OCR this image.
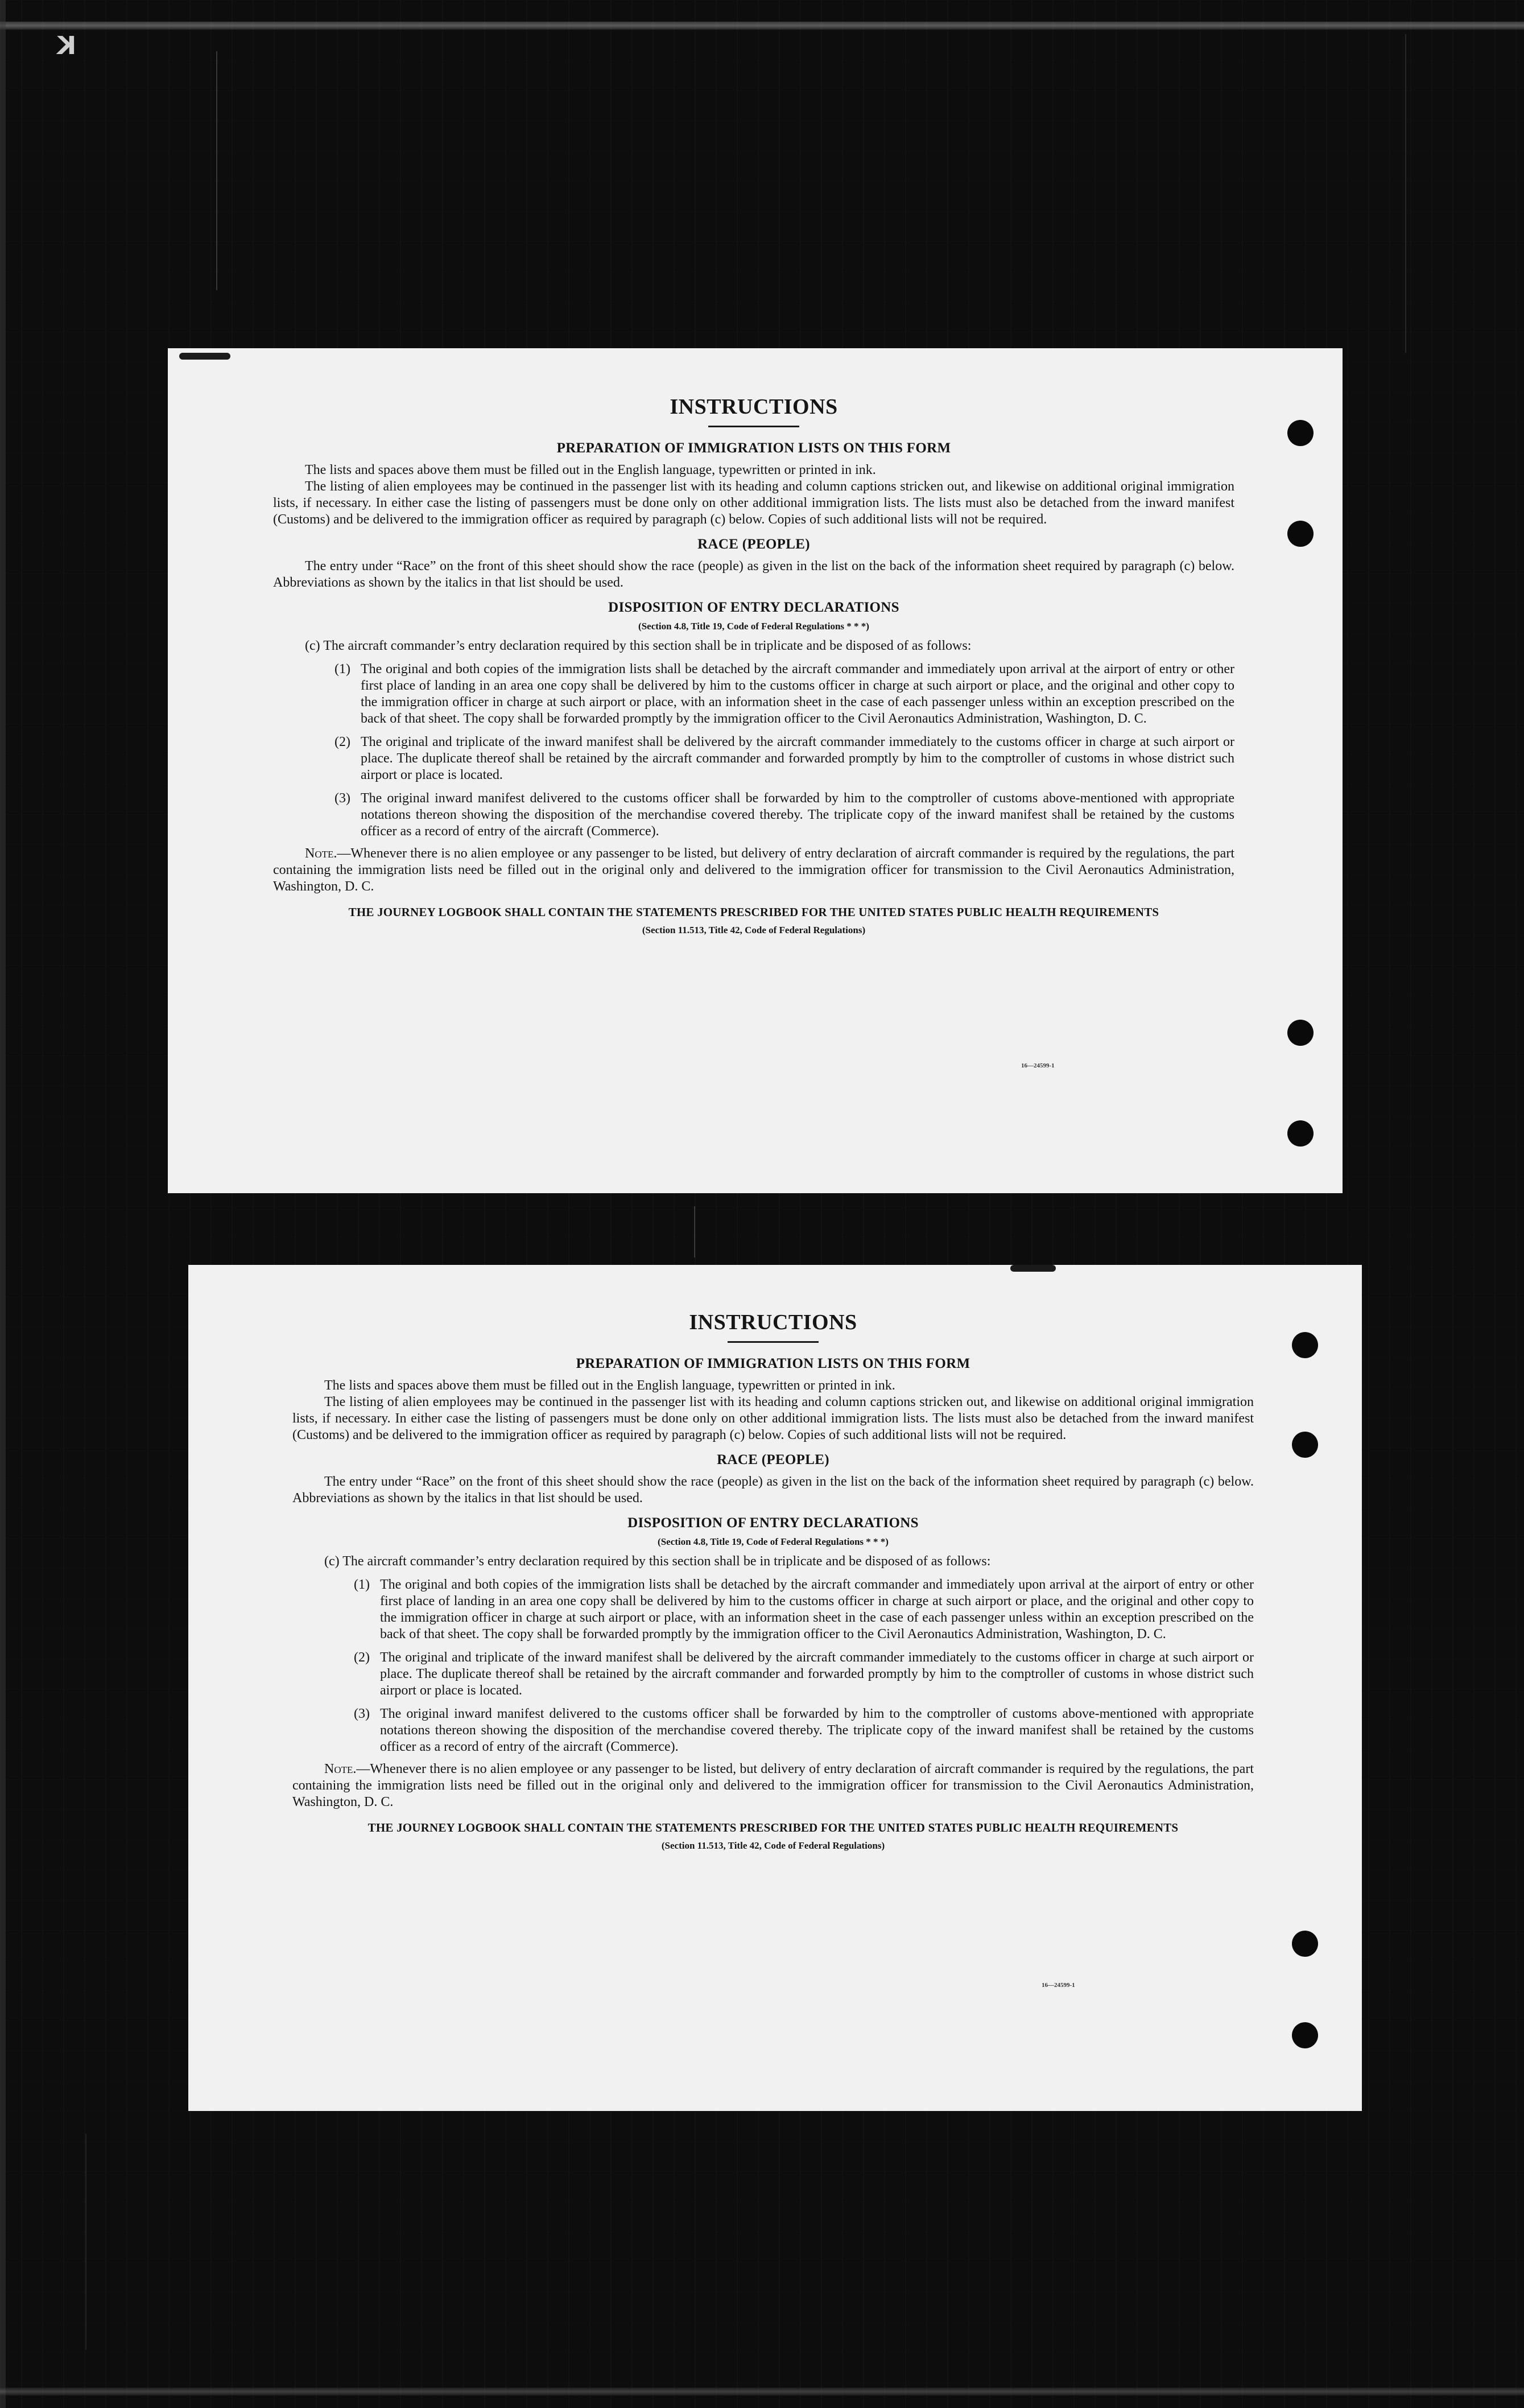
K
INSTRUCTIONS
PREPARATION OF IMMIGRATION LISTS ON THIS FORM

The lists and spaces above them must be filled out in the English language, typewritten or printed in ink.

The listing of alien employees may be continued in the passenger list with its heading and column captions stricken out, and likewise on additional original immigration lists, if necessary. In either case the listing of passengers must be done only on other additional immigration lists. The lists must also be detached from the inward manifest (Customs) and be delivered to the immigration officer as required by paragraph (c) below. Copies of such additional lists will not be required.

RACE (PEOPLE)

The entry under “Race” on the front of this sheet should show the race (people) as given in the list on the back of the information sheet required by paragraph (c) below. Abbreviations as shown by the italics in that list should be used.

DISPOSITION OF ENTRY DECLARATIONS
(Section 4.8, Title 19, Code of Federal Regulations * * *)

(c) The aircraft commander’s entry declaration required by this section shall be in triplicate and be disposed of as follows:

(1) The original and both copies of the immigration lists shall be detached by the aircraft commander and immediately upon arrival at the airport of entry or other first place of landing in an area one copy shall be delivered by him to the customs officer in charge at such airport or place, and the original and other copy to the immigration officer in charge at such airport or place, with an information sheet in the case of each passenger unless within an exception prescribed on the back of that sheet. The copy shall be forwarded promptly by the immigration officer to the Civil Aeronautics Administration, Washington, D. C.
(2) The original and triplicate of the inward manifest shall be delivered by the aircraft commander immediately to the customs officer in charge at such airport or place. The duplicate thereof shall be retained by the aircraft commander and forwarded promptly by him to the comptroller of customs in whose district such airport or place is located.
(3) The original inward manifest delivered to the customs officer shall be forwarded by him to the comptroller of customs above-mentioned with appropriate notations thereon showing the disposition of the merchandise covered thereby. The triplicate copy of the inward manifest shall be retained by the customs officer as a record of entry of the aircraft (Commerce).

Note.—Whenever there is no alien employee or any passenger to be listed, but delivery of entry declaration of aircraft commander is required by the regulations, the part containing the immigration lists need be filled out in the original only and delivered to the immigration officer for transmission to the Civil Aeronautics Administration, Washington, D. C.

THE JOURNEY LOGBOOK SHALL CONTAIN THE STATEMENTS PRESCRIBED FOR THE UNITED STATES PUBLIC HEALTH REQUIREMENTS
(Section 11.513, Title 42, Code of Federal Regulations)
16—24599-1
INSTRUCTIONS
PREPARATION OF IMMIGRATION LISTS ON THIS FORM

The lists and spaces above them must be filled out in the English language, typewritten or printed in ink.

The listing of alien employees may be continued in the passenger list with its heading and column captions stricken out, and likewise on additional original immigration lists, if necessary. In either case the listing of passengers must be done only on other additional immigration lists. The lists must also be detached from the inward manifest (Customs) and be delivered to the immigration officer as required by paragraph (c) below. Copies of such additional lists will not be required.

RACE (PEOPLE)

The entry under “Race” on the front of this sheet should show the race (people) as given in the list on the back of the information sheet required by paragraph (c) below. Abbreviations as shown by the italics in that list should be used.

DISPOSITION OF ENTRY DECLARATIONS
(Section 4.8, Title 19, Code of Federal Regulations * * *)

(c) The aircraft commander’s entry declaration required by this section shall be in triplicate and be disposed of as follows:

(1) The original and both copies of the immigration lists shall be detached by the aircraft commander and immediately upon arrival at the airport of entry or other first place of landing in an area one copy shall be delivered by him to the customs officer in charge at such airport or place, and the original and other copy to the immigration officer in charge at such airport or place, with an information sheet in the case of each passenger unless within an exception prescribed on the back of that sheet. The copy shall be forwarded promptly by the immigration officer to the Civil Aeronautics Administration, Washington, D. C.
(2) The original and triplicate of the inward manifest shall be delivered by the aircraft commander immediately to the customs officer in charge at such airport or place. The duplicate thereof shall be retained by the aircraft commander and forwarded promptly by him to the comptroller of customs in whose district such airport or place is located.
(3) The original inward manifest delivered to the customs officer shall be forwarded by him to the comptroller of customs above-mentioned with appropriate notations thereon showing the disposition of the merchandise covered thereby. The triplicate copy of the inward manifest shall be retained by the customs officer as a record of entry of the aircraft (Commerce).

Note.—Whenever there is no alien employee or any passenger to be listed, but delivery of entry declaration of aircraft commander is required by the regulations, the part containing the immigration lists need be filled out in the original only and delivered to the immigration officer for transmission to the Civil Aeronautics Administration, Washington, D. C.

THE JOURNEY LOGBOOK SHALL CONTAIN THE STATEMENTS PRESCRIBED FOR THE UNITED STATES PUBLIC HEALTH REQUIREMENTS
(Section 11.513, Title 42, Code of Federal Regulations)
16—24599-1
